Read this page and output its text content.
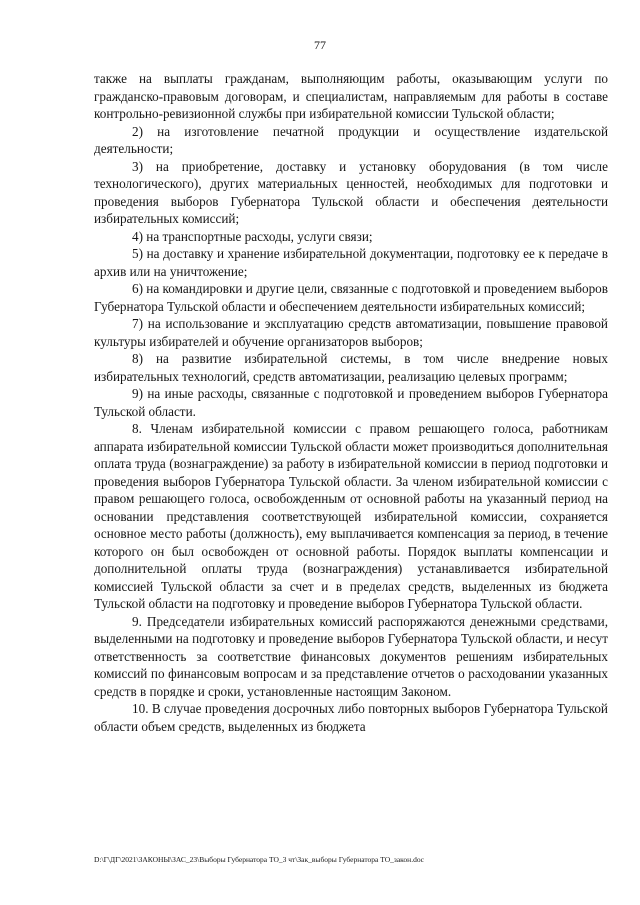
77

также на выплаты гражданам, выполняющим работы, оказывающим услуги по гражданско-правовым договорам, и специалистам, направляемым для работы в составе контрольно-ревизионной службы при избирательной комиссии Тульской области;

2) на изготовление печатной продукции и осуществление издательской деятельности;

3) на приобретение, доставку и установку оборудования (в том числе технологического), других материальных ценностей, необходимых для подготовки и проведения выборов Губернатора Тульской области и обеспечения деятельности избирательных комиссий;

4) на транспортные расходы, услуги связи;

5) на доставку и хранение избирательной документации, подготовку ее к передаче в архив или на уничтожение;

6) на командировки и другие цели, связанные с подготовкой и проведением выборов Губернатора Тульской области и обеспечением деятельности избирательных комиссий;

7) на использование и эксплуатацию средств автоматизации, повышение правовой культуры избирателей и обучение организаторов выборов;

8) на развитие избирательной системы, в том числе внедрение новых избирательных технологий, средств автоматизации, реализацию целевых программ;

9) на иные расходы, связанные с подготовкой и проведением выборов Губернатора Тульской области.

8. Членам избирательной комиссии с правом решающего голоса, работникам аппарата избирательной комиссии Тульской области может производиться дополнительная оплата труда (вознаграждение) за работу в избирательной комиссии в период подготовки и проведения выборов Губернатора Тульской области. За членом избирательной комиссии с правом решающего голоса, освобожденным от основной работы на указанный период на основании представления соответствующей избирательной комиссии, сохраняется основное место работы (должность), ему выплачивается компенсация за период, в течение которого он был освобожден от основной работы. Порядок выплаты компенсации и дополнительной оплаты труда (вознаграждения) устанавливается избирательной комиссией Тульской области за счет и в пределах средств, выделенных из бюджета Тульской области на подготовку и проведение выборов Губернатора Тульской области.

9. Председатели избирательных комиссий распоряжаются денежными средствами, выделенными на подготовку и проведение выборов Губернатора Тульской области, и несут ответственность за соответствие финансовых документов решениям избирательных комиссий по финансовым вопросам и за представление отчетов о расходовании указанных средств в порядке и сроки, установленные настоящим Законом.

10. В случае проведения досрочных либо повторных выборов Губернатора Тульской области объем средств, выделенных из бюджета

D:\Г\ДГ\2021\ЗАКОНЫ\ЗАС_23\Выборы Губернатора ТО_3 чт\Зак_выборы Губернатора ТО_закон.doc
